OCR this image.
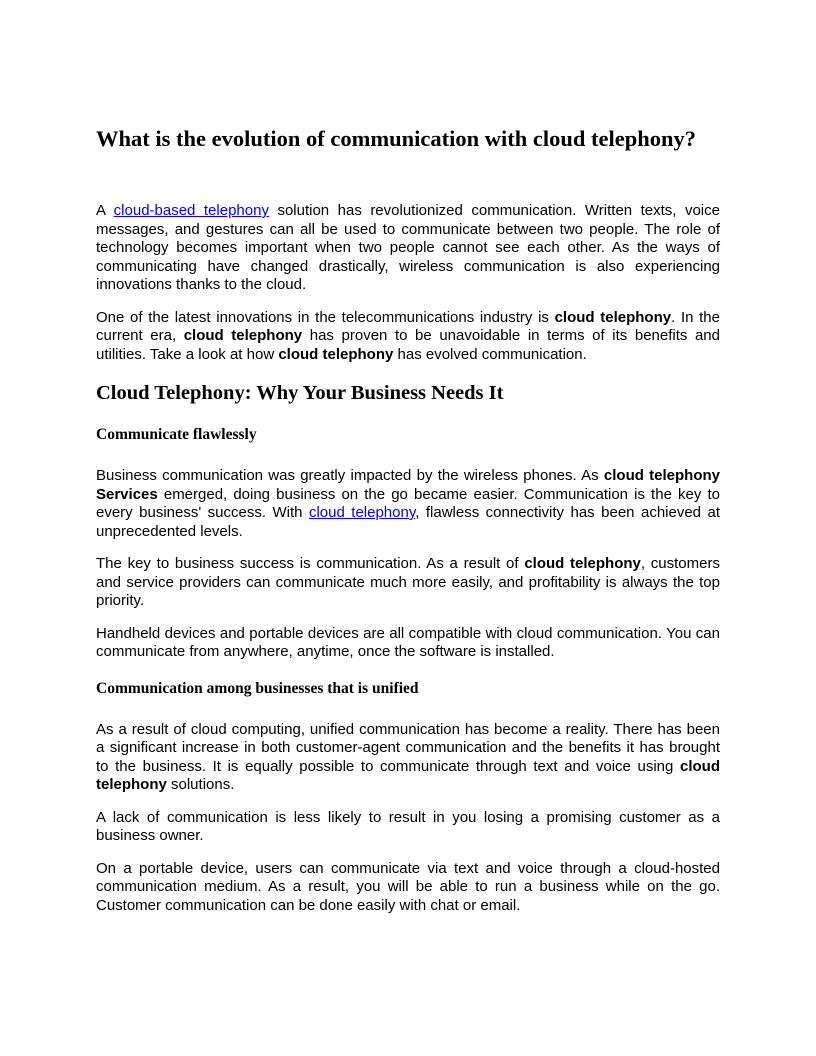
What is the evolution of communication with cloud telephony?

A cloud-based telephony solution has revolutionized communication. Written texts, voice messages, and gestures can all be used to communicate between two people. The role of technology becomes important when two people cannot see each other. As the ways of communicating have changed drastically, wireless communication is also experiencing innovations thanks to the cloud.

One of the latest innovations in the telecommunications industry is cloud telephony. In the current era, cloud telephony has proven to be unavoidable in terms of its benefits and utilities. Take a look at how cloud telephony has evolved communication.

Cloud Telephony: Why Your Business Needs It
Communicate flawlessly

Business communication was greatly impacted by the wireless phones. As cloud telephony Services emerged, doing business on the go became easier. Communication is the key to every business' success. With cloud telephony, flawless connectivity has been achieved at unprecedented levels.

The key to business success is communication. As a result of cloud telephony, customers and service providers can communicate much more easily, and profitability is always the top priority.

Handheld devices and portable devices are all compatible with cloud communication. You can communicate from anywhere, anytime, once the software is installed.

Communication among businesses that is unified

As a result of cloud computing, unified communication has become a reality. There has been a significant increase in both customer-agent communication and the benefits it has brought to the business. It is equally possible to communicate through text and voice using cloud telephony solutions.

A lack of communication is less likely to result in you losing a promising customer as a business owner.

On a portable device, users can communicate via text and voice through a cloud-hosted communication medium. As a result, you will be able to run a business while on the go. Customer communication can be done easily with chat or email.
